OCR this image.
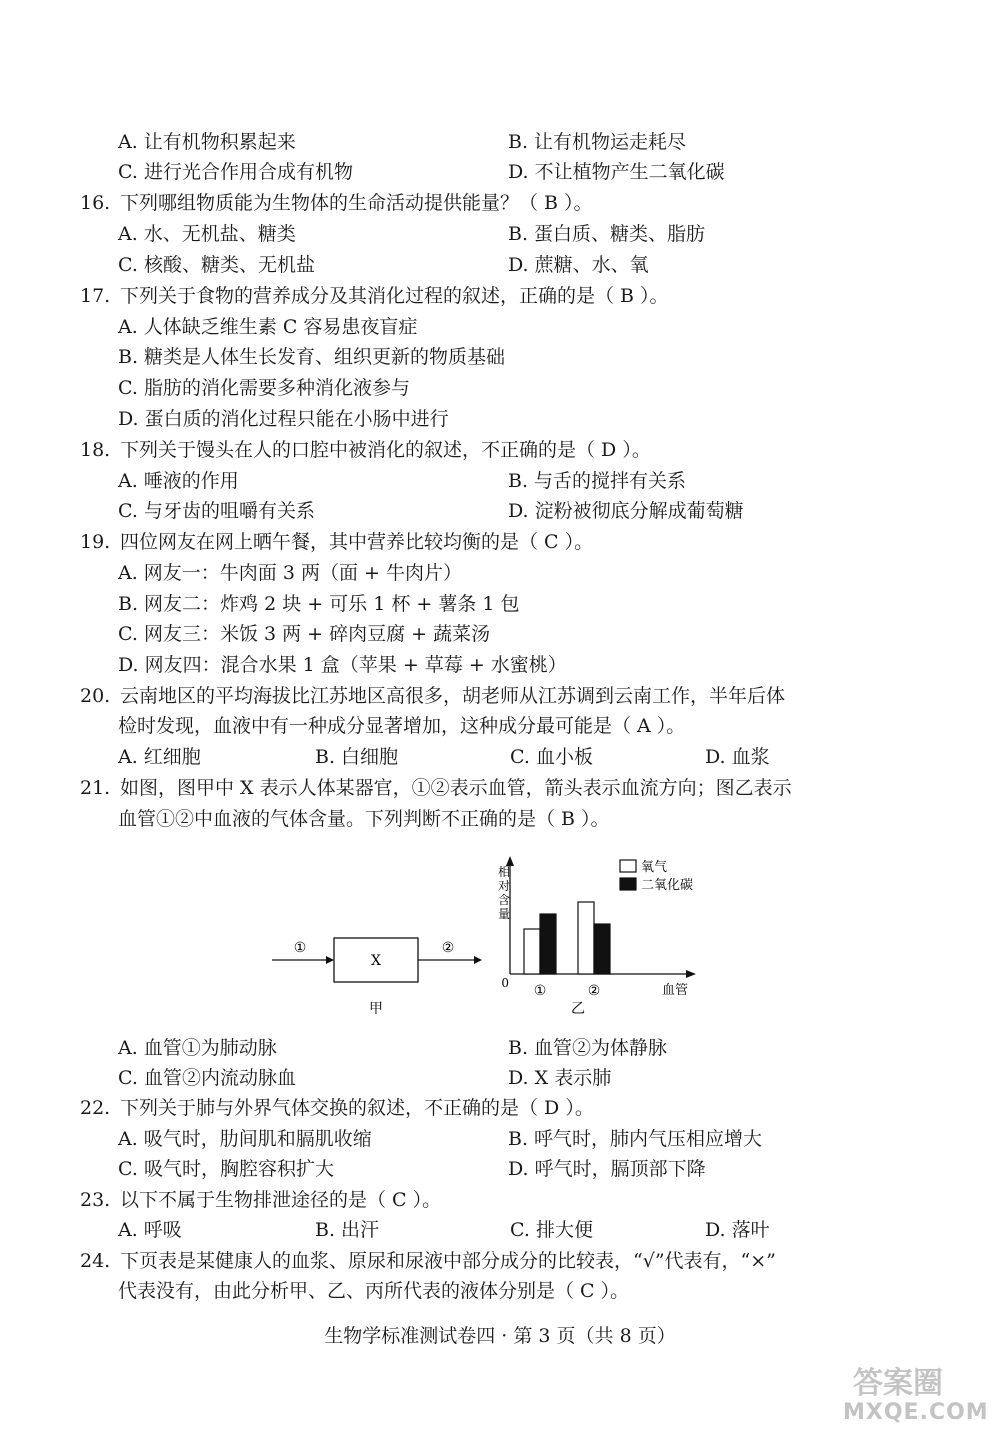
A. 让有机物积累起来	B. 让有机物运走耗尽
C. 进行光合作用合成有机物	D. 不让植物产生二氧化碳
16. 下列哪组物质能为生物体的生命活动提供能量？（ B ）。
A. 水、无机盐、糖类	B. 蛋白质、糖类、脂肪
C. 核酸、糖类、无机盐	D. 蔗糖、水、氧
17. 下列关于食物的营养成分及其消化过程的叙述，正确的是（ B ）。
A. 人体缺乏维生素 C 容易患夜盲症
B. 糖类是人体生长发育、组织更新的物质基础
C. 脂肪的消化需要多种消化液参与
D. 蛋白质的消化过程只能在小肠中进行
18. 下列关于馒头在人的口腔中被消化的叙述，不正确的是（ D ）。
A. 唾液的作用	B. 与舌的搅拌有关系
C. 与牙齿的咀嚼有关系	D. 淀粉被彻底分解成葡萄糖
19. 四位网友在网上晒午餐，其中营养比较均衡的是（ C ）。
A. 网友一：牛肉面 3 两（面 + 牛肉片）
B. 网友二：炸鸡 2 块 + 可乐 1 杯 + 薯条 1 包
C. 网友三：米饭 3 两 + 碎肉豆腐 + 蔬菜汤
D. 网友四：混合水果 1 盒（苹果 + 草莓 + 水蜜桃）
20. 云南地区的平均海拔比江苏地区高很多，胡老师从江苏调到云南工作，半年后体
检时发现，血液中有一种成分显著增加，这种成分最可能是（ A ）。
A. 红细胞	B. 白细胞	C. 血小板	D. 血浆
21. 如图，图甲中 X 表示人体某器官，①②表示血管，箭头表示血流方向；图乙表示
血管①②中血液的气体含量。下列判断不正确的是（ B ）。
①
X
②
甲
0
相对含量
血管
乙
氧气
二氧化碳
①	②
A. 血管①为肺动脉	B. 血管②为体静脉
C. 血管②内流动脉血	D. X 表示肺
22. 下列关于肺与外界气体交换的叙述，不正确的是（ D ）。
A. 吸气时，肋间肌和膈肌收缩	B. 呼气时，肺内气压相应增大
C. 吸气时，胸腔容积扩大	D. 呼气时，膈顶部下降
23. 以下不属于生物排泄途径的是（ C ）。
A. 呼吸	B. 出汗	C. 排大便	D. 落叶
24. 下页表是某健康人的血浆、原尿和尿液中部分成分的比较表，“√”代表有，“×”
代表没有，由此分析甲、乙、丙所代表的液体分别是（ C ）。
生物学标准测试卷四 · 第 3 页（共 8 页）
答案圈
MXQE.COM
